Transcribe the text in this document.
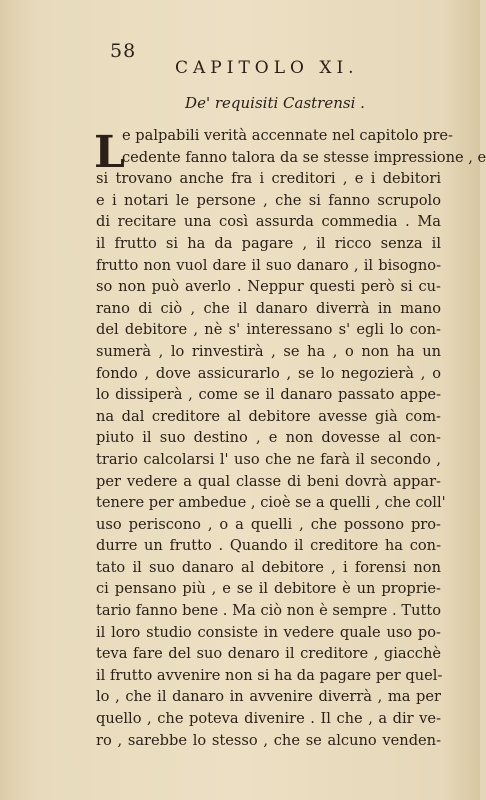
58
CAPITOLO XI.
De' requisiti Castrensi .
L
e palpabili verità accennate nel capitolo pre-
cedente fanno talora da se stesse impressione , e
si trovano anche fra i creditori , e i debitori
e i notari le persone , che si fanno scrupolo
di recitare una così assurda commedia . Ma
il frutto si ha da pagare , il ricco senza il
frutto non vuol dare il suo danaro , il bisogno-
so non può averlo . Neppur questi però si cu-
rano di ciò , che il danaro diverrà in mano
del debitore , nè s' interessano s' egli lo con-
sumerà , lo rinvestirà , se ha , o non ha un
fondo , dove assicurarlo , se lo negozierà , o
lo dissiperà , come se il danaro passato appe-
na dal creditore al debitore avesse già com-
piuto il suo destino , e non dovesse al con-
trario calcolarsi l' uso che ne farà il secondo ,
per vedere a qual classe di beni dovrà appar-
tenere per ambedue , cioè se a quelli , che coll'
uso periscono , o a quelli , che possono pro-
durre un frutto . Quando il creditore ha con-
tato il suo danaro al debitore , i forensi non
ci pensano più , e se il debitore è un proprie-
tario fanno bene . Ma ciò non è sempre . Tutto
il loro studio consiste in vedere quale uso po-
teva fare del suo denaro il creditore , giacchè
il frutto avvenire non si ha da pagare per quel-
lo , che il danaro in avvenire diverrà , ma per
quello , che poteva divenire . Il che , a dir ve-
ro , sarebbe lo stesso , che se alcuno venden-
